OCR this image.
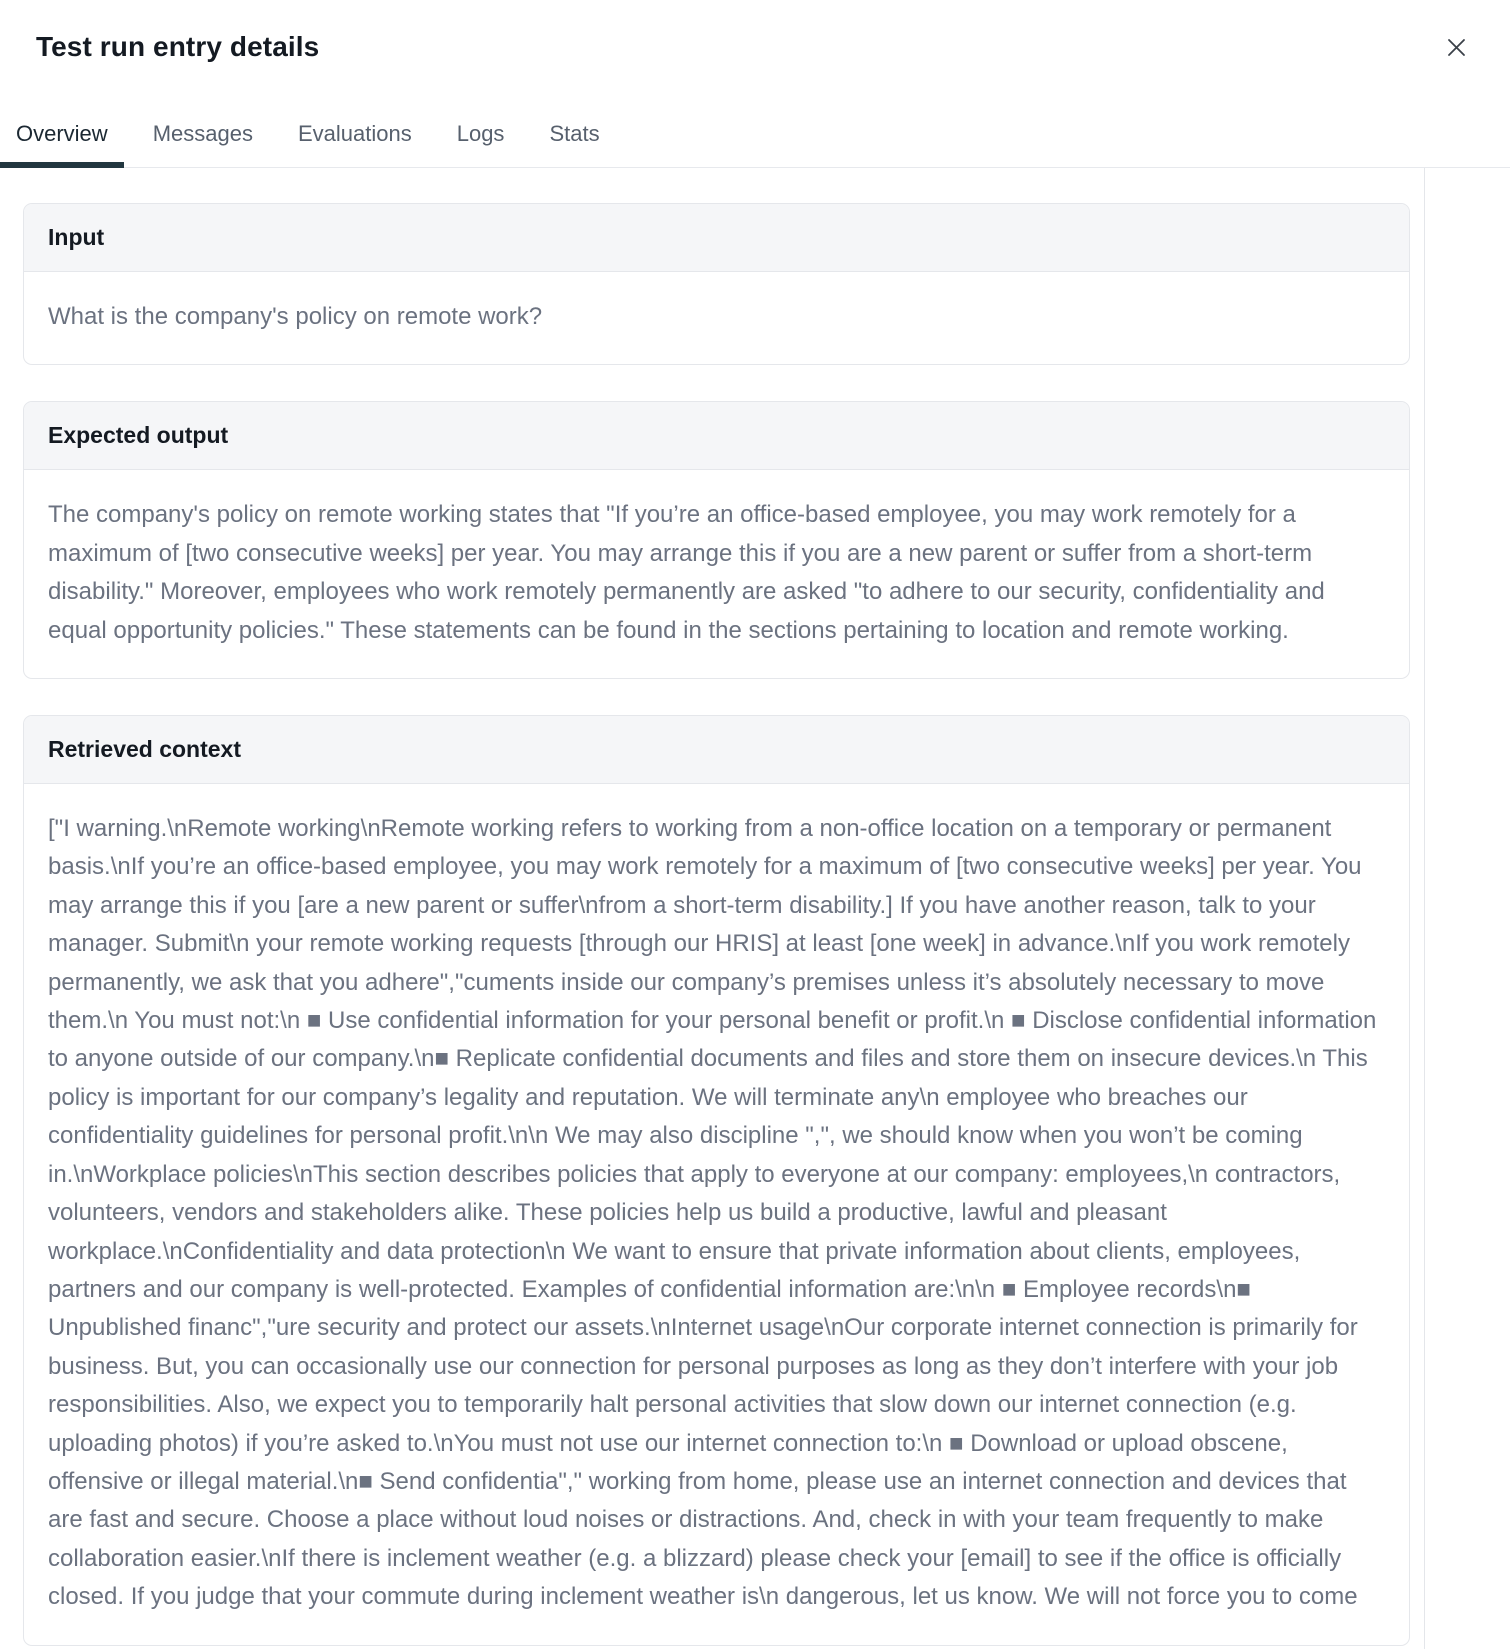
Test run entry details
Overview	Messages	Evaluations	Logs	Stats
Input
What is the company's policy on remote work?
Expected output
The company's policy on remote working states that "If you’re an office-based employee, you may work remotely for a maximum of [two consecutive weeks] per year. You may arrange this if you are a new parent or suffer from a short-term disability." Moreover, employees who work remotely permanently are asked "to adhere to our security, confidentiality and equal opportunity policies." These statements can be found in the sections pertaining to location and remote working.
Retrieved context
["I warning.\nRemote working\nRemote working refers to working from a non-office location on a temporary or permanent basis.\nIf you’re an office-based employee, you may work remotely for a maximum of [two consecutive weeks] per year. You may arrange this if you [are a new parent or suffer\nfrom a short-term disability.] If you have another reason, talk to your manager. Submit\n your remote working requests [through our HRIS] at least [one week] in advance.\nIf you work remotely permanently, we ask that you adhere","cuments inside our company’s premises unless it’s absolutely necessary to move them.\n You must not:\n ■ Use confidential information for your personal benefit or profit.\n ■ Disclose confidential information to anyone outside of our company.\n■ Replicate confidential documents and files and store them on insecure devices.\n This policy is important for our company’s legality and reputation. We will terminate any\n employee who breaches our confidentiality guidelines for personal profit.\n\n We may also discipline ",", we should know when you won’t be coming in.\nWorkplace policies\nThis section describes policies that apply to everyone at our company: employees,\n contractors, volunteers, vendors and stakeholders alike. These policies help us build a productive, lawful and pleasant workplace.\nConfidentiality and data protection\n We want to ensure that private information about clients, employees, partners and our company is well-protected. Examples of confidential information are:\n\n ■ Employee records\n■ Unpublished financ","ure security and protect our assets.\nInternet usage\nOur corporate internet connection is primarily for business. But, you can occasionally use our connection for personal purposes as long as they don’t interfere with your job responsibilities. Also, we expect you to temporarily halt personal activities that slow down our internet connection (e.g. uploading photos) if you’re asked to.\nYou must not use our internet connection to:\n ■ Download or upload obscene, offensive or illegal material.\n■ Send confidentia"," working from home, please use an internet connection and devices that are fast and secure. Choose a place without loud noises or distractions. And, check in with your team frequently to make collaboration easier.\nIf there is inclement weather (e.g. a blizzard) please check your [email] to see if the office is officially closed. If you judge that your commute during inclement weather is\n dangerous, let us know. We will not force you to come
